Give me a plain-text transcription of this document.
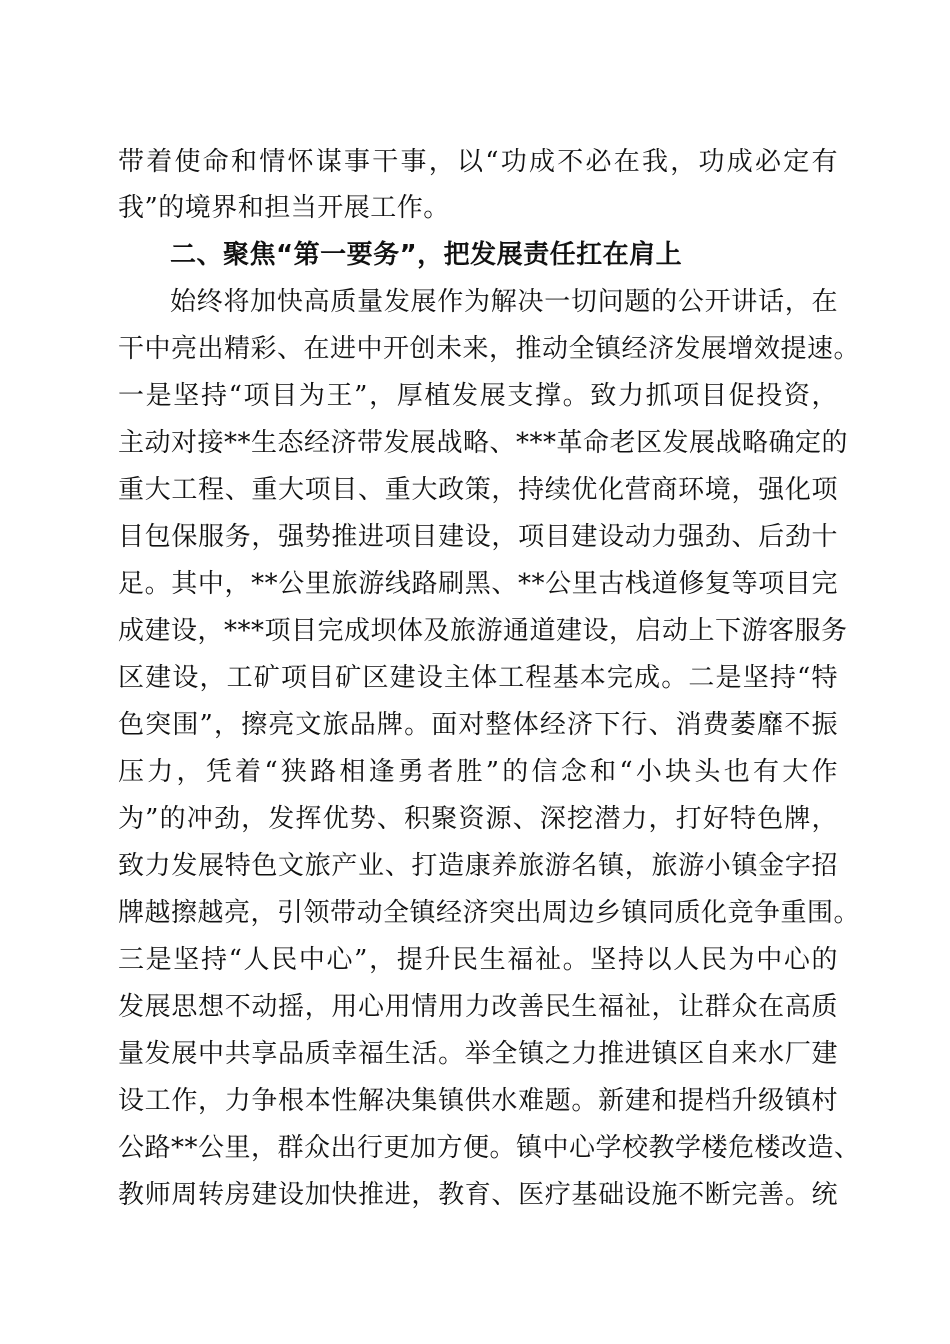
带着使命和情怀谋事干事，以“功成不必在我，功成必定有
我”的境界和担当开展工作。
二、聚焦“第一要务”，把发展责任扛在肩上
始终将加快高质量发展作为解决一切问题的公开讲话，在
干中亮出精彩、在进中开创未来，推动全镇经济发展增效提速。
一是坚持“项目为王”，厚植发展支撑。致力抓项目促投资，
主动对接**生态经济带发展战略、***革命老区发展战略确定的
重大工程、重大项目、重大政策，持续优化营商环境，强化项
目包保服务，强势推进项目建设，项目建设动力强劲、后劲十
足。其中，**公里旅游线路刷黑、**公里古栈道修复等项目完
成建设，***项目完成坝体及旅游通道建设，启动上下游客服务
区建设，工矿项目矿区建设主体工程基本完成。二是坚持“特
色突围”，擦亮文旅品牌。面对整体经济下行、消费萎靡不振
压力，凭着“狭路相逢勇者胜”的信念和“小块头也有大作
为”的冲劲，发挥优势、积聚资源、深挖潜力，打好特色牌，
致力发展特色文旅产业、打造康养旅游名镇，旅游小镇金字招
牌越擦越亮，引领带动全镇经济突出周边乡镇同质化竞争重围。
三是坚持“人民中心”，提升民生福祉。坚持以人民为中心的
发展思想不动摇，用心用情用力改善民生福祉，让群众在高质
量发展中共享品质幸福生活。举全镇之力推进镇区自来水厂建
设工作，力争根本性解决集镇供水难题。新建和提档升级镇村
公路**公里，群众出行更加方便。镇中心学校教学楼危楼改造、
教师周转房建设加快推进，教育、医疗基础设施不断完善。统
